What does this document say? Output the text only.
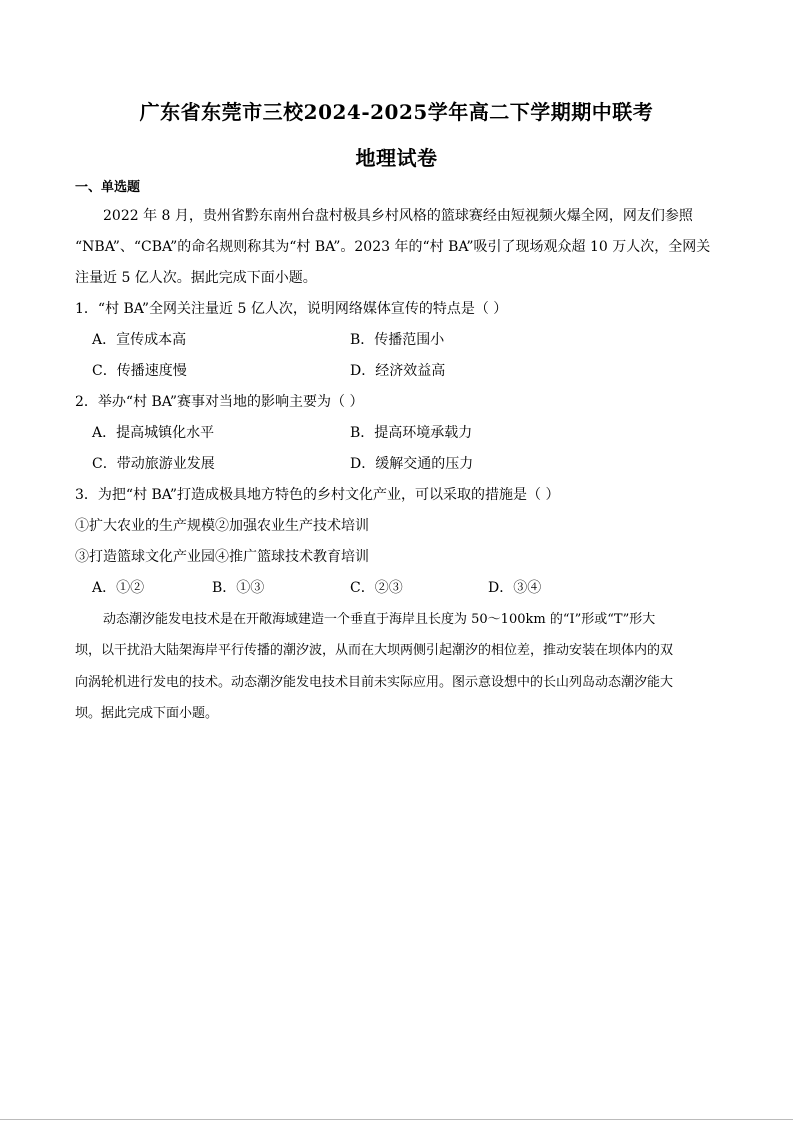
广东省东莞市三校2024-2025学年高二下学期期中联考
地理试卷
一、单选题
2022 年 8 月，贵州省黔东南州台盘村极具乡村风格的篮球赛经由短视频火爆全网，网友们参照
“NBA”、“CBA”的命名规则称其为“村 BA”。2023 年的“村 BA”吸引了现场观众超 10 万人次，全网关
注量近 5 亿人次。据此完成下面小题。
1．“村 BA”全网关注量近 5 亿人次，说明网络媒体宣传的特点是（ ）
A．宣传成本高	B．传播范围小
C．传播速度慢	D．经济效益高
2．举办“村 BA”赛事对当地的影响主要为（ ）
A．提高城镇化水平	B．提高环境承载力
C．带动旅游业发展	D．缓解交通的压力
3．为把“村 BA”打造成极具地方特色的乡村文化产业，可以采取的措施是（ ）
①扩大农业的生产规模②加强农业生产技术培训
③打造篮球文化产业园④推广篮球技术教育培训
A．①②	B．①③	C．②③	D．③④
动态潮汐能发电技术是在开敞海域建造一个垂直于海岸且长度为 50～100km 的“I”形或“T”形大
坝，以干扰沿大陆架海岸平行传播的潮汐波，从而在大坝两侧引起潮汐的相位差，推动安装在坝体内的双
向涡轮机进行发电的技术。动态潮汐能发电技术目前未实际应用。图示意设想中的长山列岛动态潮汐能大
坝。据此完成下面小题。
